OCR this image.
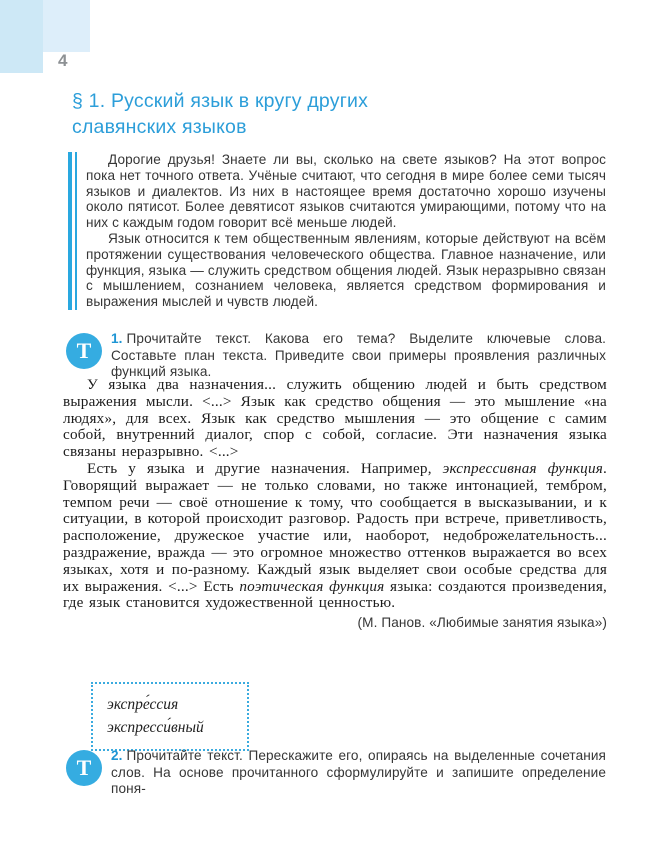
4
§ 1. Русский язык в кругу других
славянских языков

Дорогие друзья! Знаете ли вы, сколько на свете языков? На этот вопрос пока нет точного ответа. Учёные считают, что сегодня в мире более семи тысяч языков и диалектов. Из них в настоящее время достаточно хорошо изучены около пятисот. Более девятисот языков считаются умирающими, потому что на них с каждым годом говорит всё меньше людей.

Язык относится к тем общественным явлениям, которые действуют на всём протяжении существования человеческого общества. Главное назначение, или функция, языка — служить средством общения людей. Язык неразрывно связан с мышлением, сознанием человека, является средством формирования и выражения мыслей и чувств людей.

Т	1. Прочитайте текст. Какова его тема? Выделите ключевые слова. Составьте план текста. Приведите свои примеры проявления различных функций языка.

У языка два назначения... служить общению людей и быть средством выражения мысли. <...> Язык как средство общения — это мышление «на людях», для всех. Язык как средство мышления — это общение с самим собой, внутренний диалог, спор с собой, согласие. Эти назначения языка связаны неразрывно. <...>

Есть у языка и другие назначения. Например, экспрессивная функция. Говорящий выражает — не только словами, но также интонацией, тембром, темпом речи — своё отношение к тому, что сообщается в высказывании, и к ситуации, в которой происходит разговор. Радость при встрече, приветливость, расположение, дружеское участие или, наоборот, недоброжелательность... раздражение, вражда — это огромное множество оттенков выражается во всех языках, хотя и по-разному. Каждый язык выделяет свои особые средства для их выражения. <...> Есть поэтическая функция языка: создаются произведения, где язык становится художественной ценностью.

(М. Панов. «Любимые занятия языка»)
экспре́ссия
экспресси́вный
Т	2. Прочитайте текст. Перескажите его, опираясь на выделенные сочетания слов. На основе прочитанного сформулируйте и запишите определение поня-
